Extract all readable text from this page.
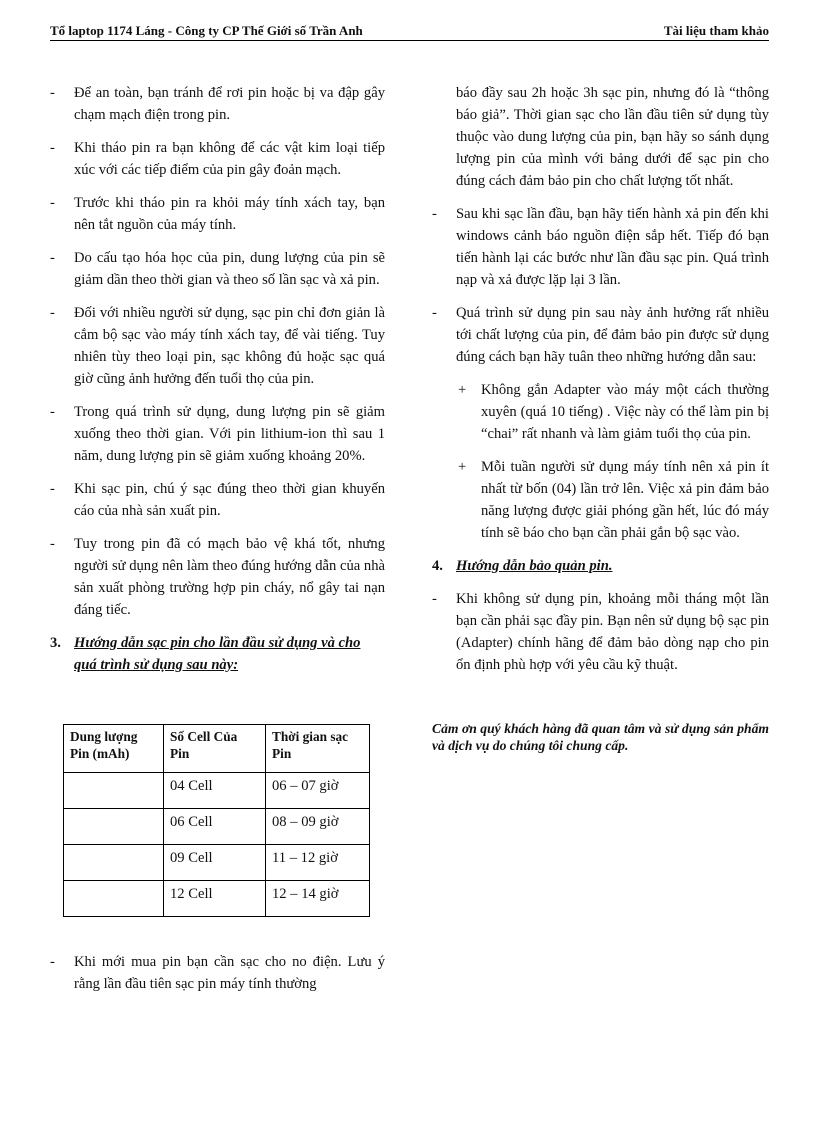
Tổ laptop 1174 Láng - Công ty CP Thế Giới số Trần Anh	Tài liệu tham khảo
- Để an toàn, bạn tránh để rơi pin hoặc bị va đập gây chạm mạch điện trong pin.
- Khi tháo pin ra bạn không để các vật kim loại tiếp xúc với các tiếp điểm của pin gây đoản mạch.
- Trước khi tháo pin ra khỏi máy tính xách tay, bạn nên tắt nguồn của máy tính.
- Do cấu tạo hóa học của pin, dung lượng của pin sẽ giảm dần theo thời gian và theo số lần sạc và xả pin.
- Đối với nhiều người sử dụng, sạc pin chỉ đơn giản là cắm bộ sạc vào máy tính xách tay, để vài tiếng. Tuy nhiên tùy theo loại pin, sạc không đủ hoặc sạc quá giờ cũng ảnh hưởng đến tuổi thọ của pin.
- Trong quá trình sử dụng, dung lượng pin sẽ giảm xuống theo thời gian. Với pin lithium-ion thì sau 1 năm, dung lượng pin sẽ giảm xuống khoảng 20%.
- Khi sạc pin, chú ý sạc đúng theo thời gian khuyến cáo của nhà sản xuất pin.
- Tuy trong pin đã có mạch bảo vệ khá tốt, nhưng người sử dụng nên làm theo đúng hướng dẫn của nhà sản xuất phòng trường hợp pin cháy, nổ gây tai nạn đáng tiếc.
3. Hướng dẫn sạc pin cho lần đầu sử dụng và cho quá trình sử dụng sau này:
Dung lượng Pin (mAh)	Số Cell Của Pin	Thời gian sạc Pin
	04 Cell	06 – 07 giờ
	06 Cell	08 – 09 giờ
	09 Cell	11 – 12 giờ
	12 Cell	12 – 14 giờ
- Khi mới mua pin bạn cần sạc cho no điện. Lưu ý rằng lần đầu tiên sạc pin máy tính thường
báo đầy sau 2h hoặc 3h sạc pin, nhưng đó là “thông báo giả”. Thời gian sạc cho lần đầu tiên sử dụng tùy thuộc vào dung lượng của pin, bạn hãy so sánh dụng lượng pin của mình với bảng dưới để sạc pin cho đúng cách đảm bảo pin cho chất lượng tốt nhất.
- Sau khi sạc lần đầu, bạn hãy tiến hành xả pin đến khi windows cảnh báo nguồn điện sắp hết. Tiếp đó bạn tiến hành lại các bước như lần đầu sạc pin. Quá trình nạp và xả được lặp lại 3 lần.
- Quá trình sử dụng pin sau này ảnh hưởng rất nhiều tới chất lượng của pin, để đảm bảo pin được sử dụng đúng cách bạn hãy tuân theo những hướng dẫn sau:
+ Không gắn Adapter vào máy một cách thường xuyên (quá 10 tiếng) . Việc này có thể làm pin bị “chai” rất nhanh và làm giảm tuổi thọ của pin.
+ Mỗi tuần người sử dụng máy tính nên xả pin ít nhất từ bốn (04) lần trở lên. Việc xả pin đảm bảo năng lượng được giải phóng gần hết, lúc đó máy tính sẽ báo cho bạn cần phải gắn bộ sạc vào.
4. Hướng dẫn bảo quản pin.
- Khi không sử dụng pin, khoảng mỗi tháng một lần bạn cần phải sạc đầy pin. Bạn nên sử dụng bộ sạc pin (Adapter) chính hãng để đảm bảo dòng nạp cho pin ổn định phù hợp với yêu cầu kỹ thuật.
Cảm ơn quý khách hàng đã quan tâm và sử dụng sản phẩm và dịch vụ do chúng tôi chung cấp.
